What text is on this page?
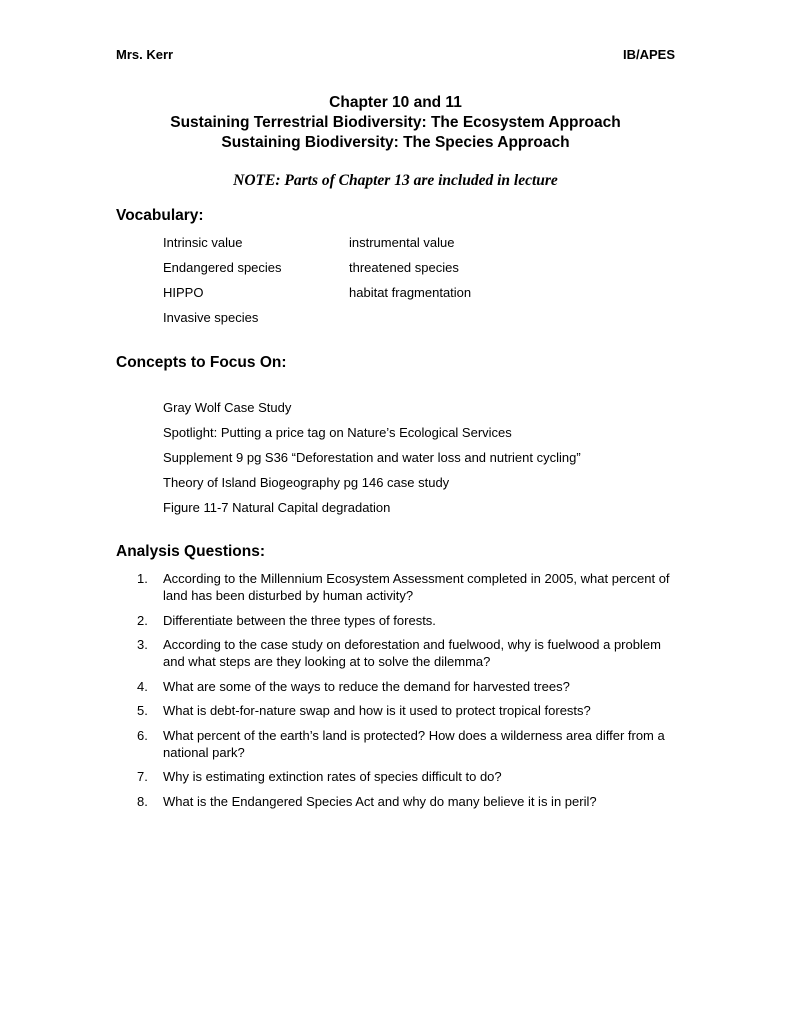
Mrs. Kerr	IB/APES
Chapter 10 and 11
Sustaining Terrestrial Biodiversity: The Ecosystem Approach
Sustaining Biodiversity: The Species Approach
NOTE: Parts of Chapter 13 are included in lecture
Vocabulary:
Intrinsic value	instrumental value
Endangered species	threatened species
HIPPO	habitat fragmentation
Invasive species
Concepts to Focus On:
Gray Wolf Case Study
Spotlight: Putting a price tag on Nature’s Ecological Services
Supplement 9 pg S36 “Deforestation and water loss and nutrient cycling”
Theory of Island Biogeography pg 146 case study
Figure 11-7 Natural Capital degradation
Analysis Questions:
1.	According to the Millennium Ecosystem Assessment completed in 2005, what percent of land has been disturbed by human activity?
2.	Differentiate between the three types of forests.
3.	According to the case study on deforestation and fuelwood, why is fuelwood a problem and what steps are they looking at to solve the dilemma?
4.	What are some of the ways to reduce the demand for harvested trees?
5.	What is debt-for-nature swap and how is it used to protect tropical forests?
6.	What percent of the earth’s land is protected? How does a wilderness area differ from a national park?
7.	Why is estimating extinction rates of species difficult to do?
8.	What is the Endangered Species Act and why do many believe it is in peril?
